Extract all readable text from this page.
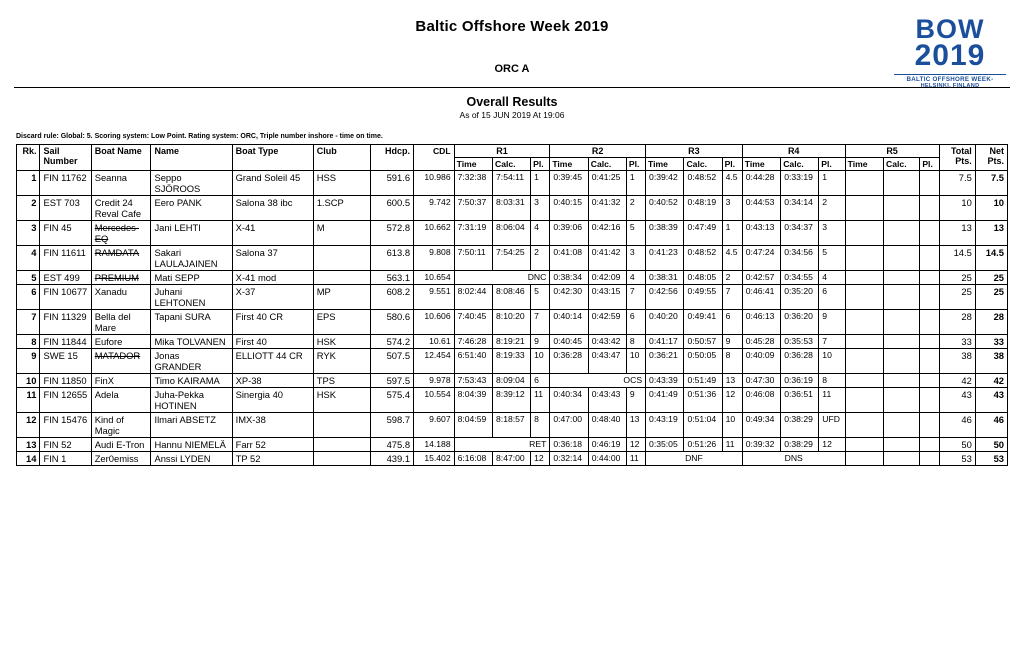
Baltic Offshore Week 2019
ORC A
Overall Results
As of 15 JUN 2019 At 19:06
Discard rule: Global: 5. Scoring system: Low Point. Rating system: ORC, Triple number inshore - time on time.
BOW
2019
BALTIC OFFSHORE WEEK-
HELSINKI, FINLAND
Rk.	Sail Number	Boat Name	Name	Boat Type	Club	Hdcp.	CDL	R1			R2			R3			R4			R5			Total Pts.	Net Pts.
								Time	Calc.	Pl.	Time	Calc.	Pl.	Time	Calc.	Pl.	Time	Calc.	Pl.	Time	Calc.	Pl.		
1	FIN 11762	Seanna	Seppo SJÖROOS	Grand Soleil 45	HSS	591.6	10.986	7:32:38	7:54:11	1	0:39:45	0:41:25	1	0:39:42	0:48:52	4.5	0:44:28	0:33:19	1				7.5	7.5
2	EST 703	Credit 24 Reval Cafe	Eero PANK	Salona 38 ibc	1.SCP	600.5	9.742	7:50:37	8:03:31	3	0:40:15	0:41:32	2	0:40:52	0:48:19	3	0:44:53	0:34:14	2				10	10
3	FIN 45	Mercedes-EQ	Jani LEHTI	X-41	M	572.8	10.662	7:31:19	8:06:04	4	0:39:06	0:42:16	5	0:38:39	0:47:49	1	0:43:13	0:34:37	3				13	13
4	FIN 11611	RAMDATA	Sakari LAULAJAINEN	Salona 37		613.8	9.808	7:50:11	7:54:25	2	0:41:08	0:41:42	3	0:41:23	0:48:52	4.5	0:47:24	0:34:56	5				14.5	14.5
5	EST 499	PREMIUM	Mati SEPP	X-41 mod		563.1	10.654	DNC			0:38:34	0:42:09	4	0:38:31	0:48:05	2	0:42:57	0:34:55	4				25	25
6	FIN 10677	Xanadu	Juhani LEHTONEN	X-37	MP	608.2	9.551	8:02:44	8:08:46	5	0:42:30	0:43:15	7	0:42:56	0:49:55	7	0:46:41	0:35:20	6				25	25
7	FIN 11329	Bella del Mare	Tapani SURA	First 40 CR	EPS	580.6	10.606	7:40:45	8:10:20	7	0:40:14	0:42:59	6	0:40:20	0:49:41	6	0:46:13	0:36:20	9				28	28
8	FIN 11844	Eufore	Mika TOLVANEN	First 40	HSK	574.2	10.61	7:46:28	8:19:21	9	0:40:45	0:43:42	8	0:41:17	0:50:57	9	0:45:28	0:35:53	7				33	33
9	SWE 15	MATADOR	Jonas GRANDER	ELLIOTT 44 CR	RYK	507.5	12.454	6:51:40	8:19:33	10	0:36:28	0:43:47	10	0:36:21	0:50:05	8	0:40:09	0:36:28	10				38	38
10	FIN 11850	FinX	Timo KAIRAMA	XP-38	TPS	597.5	9.978	7:53:43	8:09:04	6	OCS			0:43:39	0:51:49	13	0:47:30	0:36:19	8				42	42
11	FIN 12655	Adela	Juha-Pekka HOTINEN	Sinergia 40	HSK	575.4	10.554	8:04:39	8:39:12	11	0:40:34	0:43:43	9	0:41:49	0:51:36	12	0:46:08	0:36:51	11				43	43
12	FIN 15476	Kind of Magic	Ilmari ABSETZ	IMX-38		598.7	9.607	8:04:59	8:18:57	8	0:47:00	0:48:40	13	0:43:19	0:51:04	10	0:49:34	0:38:29	UFD				46	46
13	FIN 52	Audi E-Tron	Hannu NIEMELÄ	Farr 52		475.8	14.188	RET			0:36:18	0:46:19	12	0:35:05	0:51:26	11	0:39:32	0:38:29	12				50	50
14	FIN 1	Zer0emiss	Anssi LYDEN	TP 52		439.1	15.402	6:16:08	8:47:00	12	0:32:14	0:44:00	11	DNF			DNS						53	53
